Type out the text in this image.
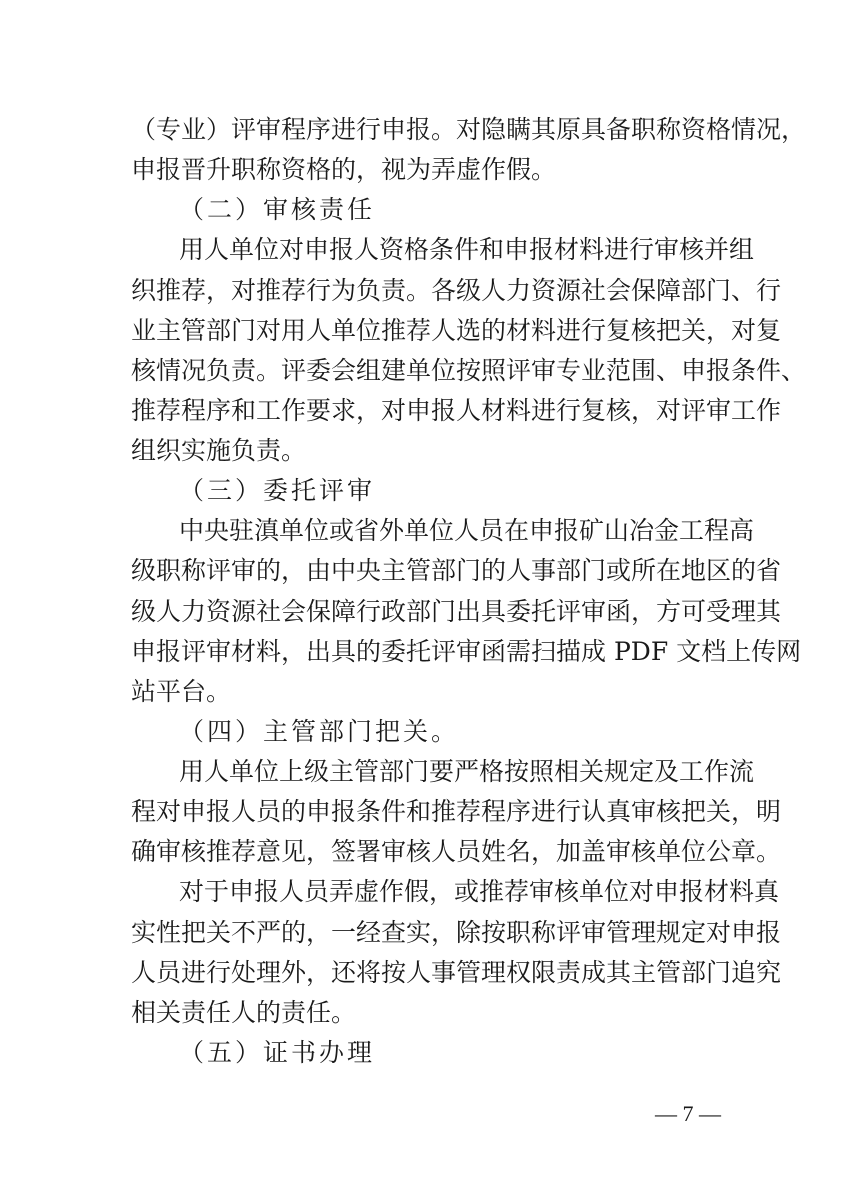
（专业）评审程序进行申报。对隐瞒其原具备职称资格情况，
申报晋升职称资格的，视为弄虚作假。
（二）审核责任
用人单位对申报人资格条件和申报材料进行审核并组
织推荐，对推荐行为负责。各级人力资源社会保障部门、行
业主管部门对用人单位推荐人选的材料进行复核把关，对复
核情况负责。评委会组建单位按照评审专业范围、申报条件、
推荐程序和工作要求，对申报人材料进行复核，对评审工作
组织实施负责。
（三）委托评审
中央驻滇单位或省外单位人员在申报矿山冶金工程高
级职称评审的，由中央主管部门的人事部门或所在地区的省
级人力资源社会保障行政部门出具委托评审函，方可受理其
申报评审材料，出具的委托评审函需扫描成 PDF 文档上传网
站平台。
（四）主管部门把关。
用人单位上级主管部门要严格按照相关规定及工作流
程对申报人员的申报条件和推荐程序进行认真审核把关，明
确审核推荐意见，签署审核人员姓名，加盖审核单位公章。
对于申报人员弄虚作假，或推荐审核单位对申报材料真
实性把关不严的，一经查实，除按职称评审管理规定对申报
人员进行处理外，还将按人事管理权限责成其主管部门追究
相关责任人的责任。
（五）证书办理
— 7 —
